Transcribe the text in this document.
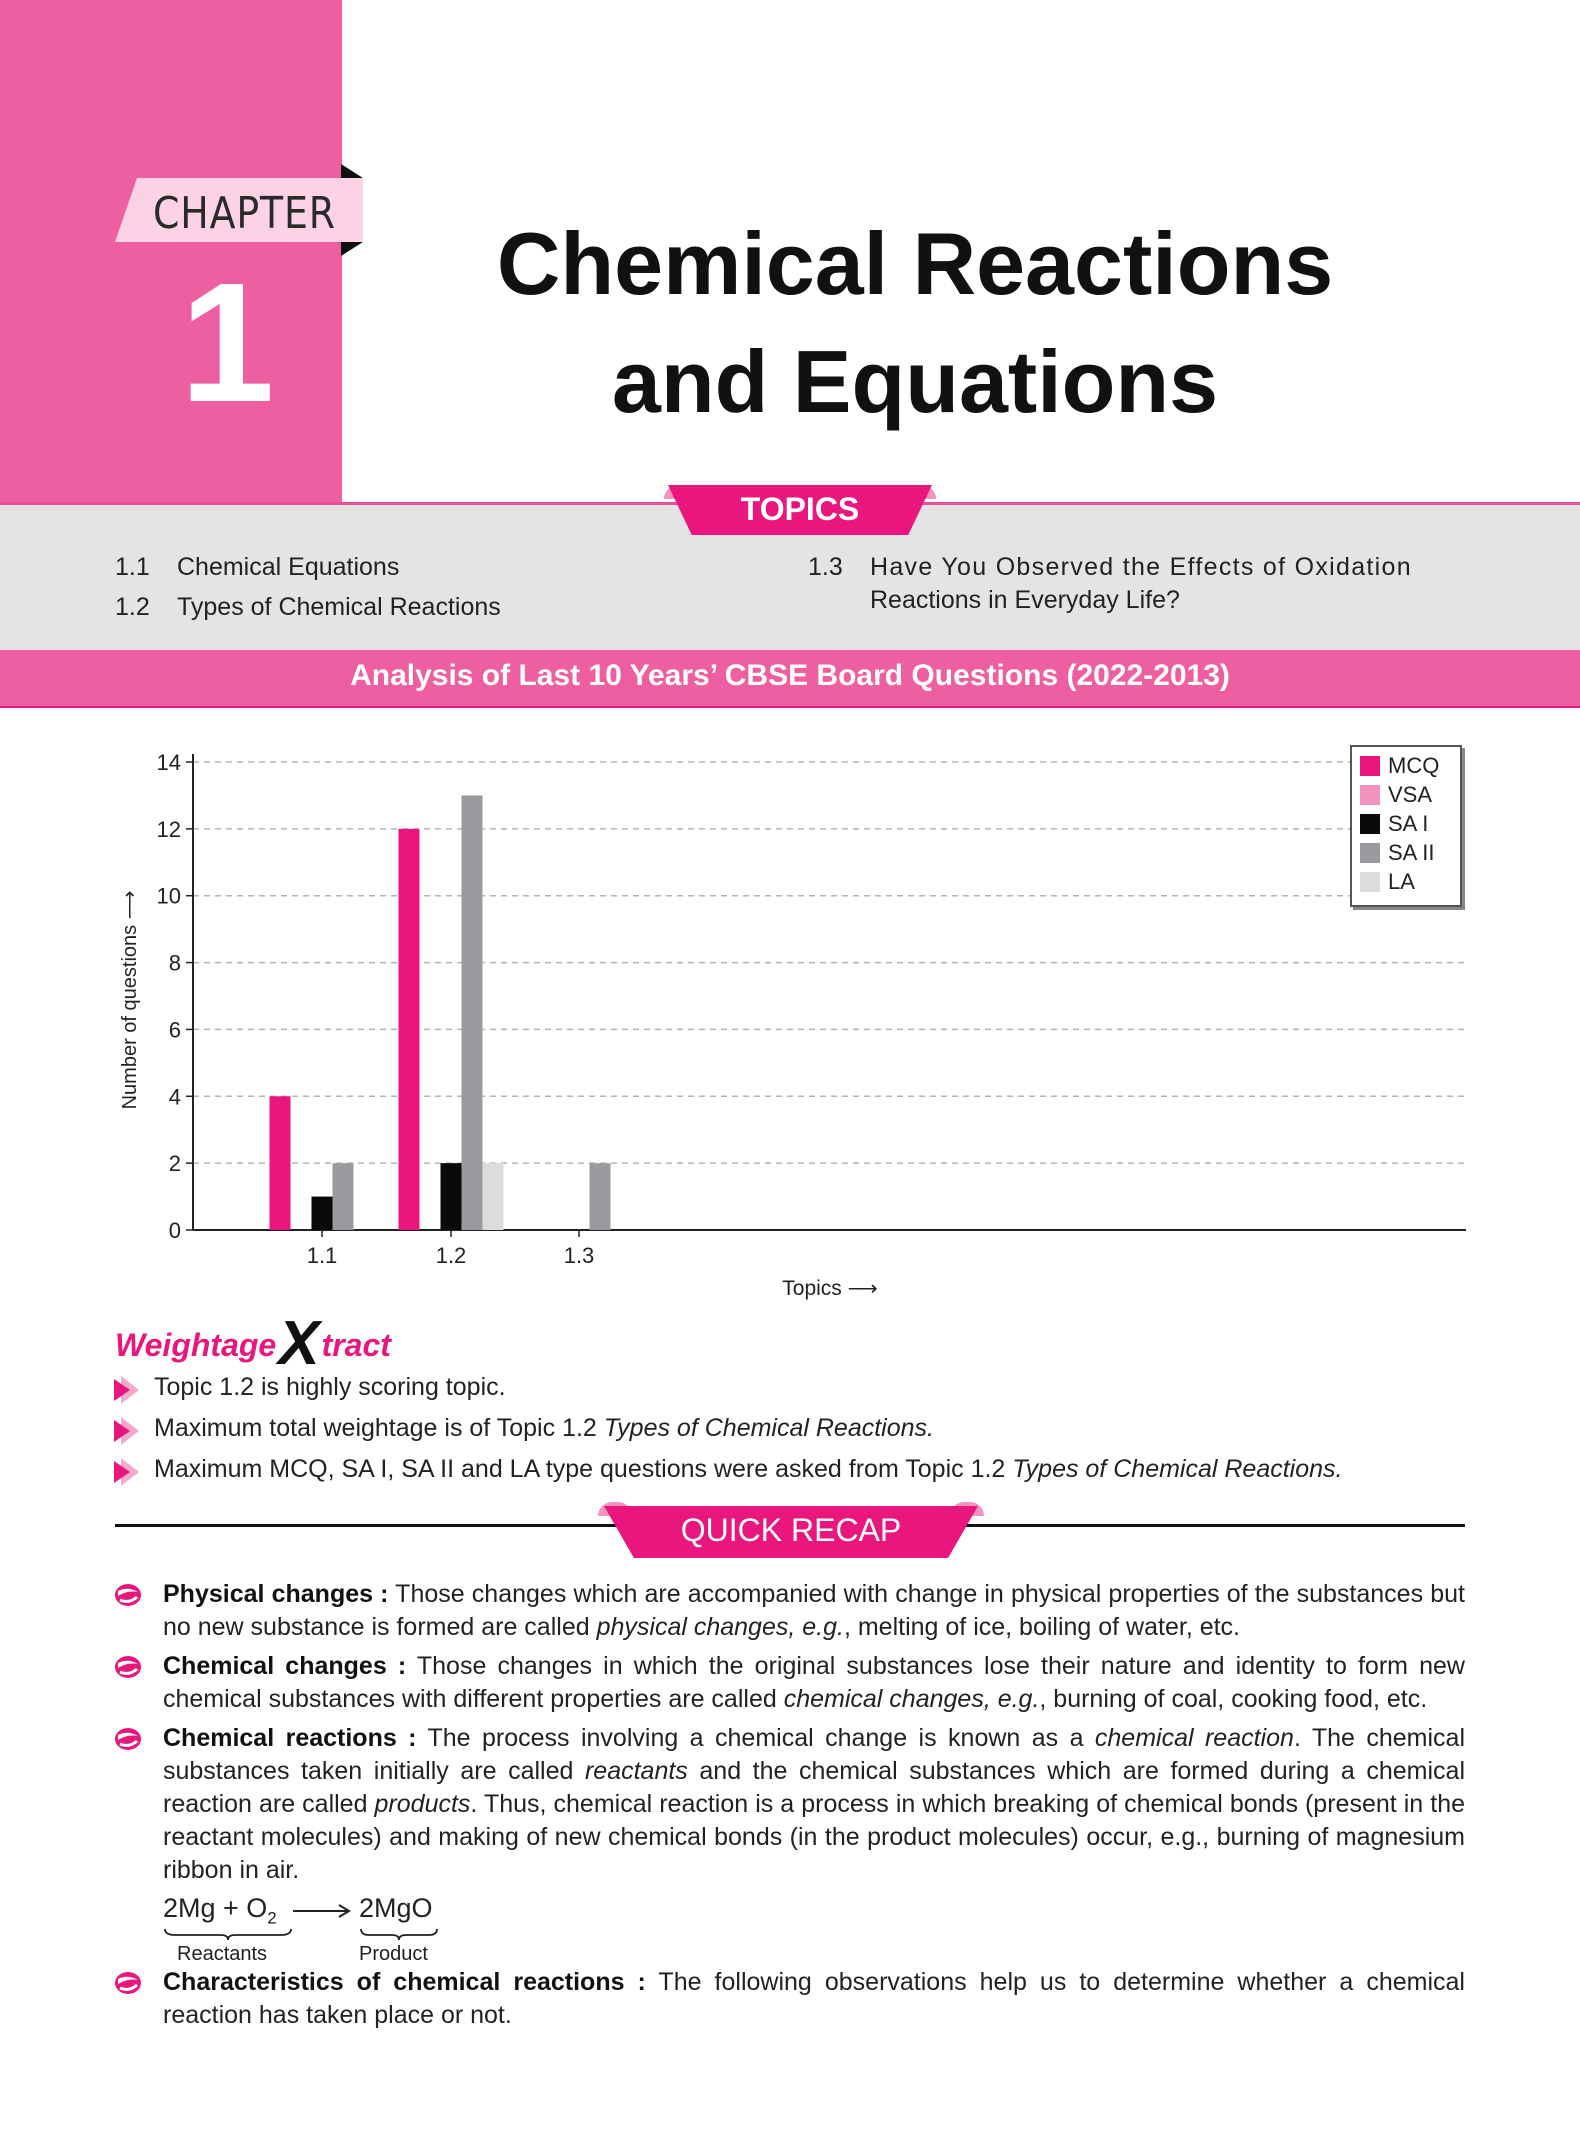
CHAPTER
1	Chemical Reactions
and Equations
1.1 Chemical Equations
1.2 Types of Chemical Reactions
1.3 Have You Observed the Effects of Oxidation
Reactions in Everyday Life?
TOPICS
Analysis of Last 10 Years’ CBSE Board Questions (2022-2013)
0
2
4
6
8
10
12
14
1.1	1.2	1.3
Topics ⟶
Number of questions ⟶
MCQ
VSA
SA I
SA II
LA
WeightageXtract
Topic 1.2 is highly scoring topic.
Maximum total weightage is of Topic 1.2 Types of Chemical Reactions.
Maximum MCQ, SA I, SA II and LA type questions were asked from Topic 1.2 Types of Chemical Reactions.
QUICK RECAP
Physical changes : Those changes which are accompanied with change in physical properties of the substances but no new substance is formed are called physical changes, e.g., melting of ice, boiling of water, etc.
Chemical changes : Those changes in which the original substances lose their nature and identity to form new chemical substances with different properties are called chemical changes, e.g., burning of coal, cooking food, etc.
Chemical reactions : The process involving a chemical change is known as a chemical reaction. The chemical substances taken initially are called reactants and the chemical substances which are formed during a chemical reaction are called products. Thus, chemical reaction is a process in which breaking of chemical bonds (present in the reactant molecules) and making of new chemical bonds (in the product molecules) occur, e.g., burning of magnesium ribbon in air.
$2Mg + O_2 \to 2MgO$
Reactants	Product
Characteristics of chemical reactions : The following observations help us to determine whether a chemical reaction has taken place or not.
